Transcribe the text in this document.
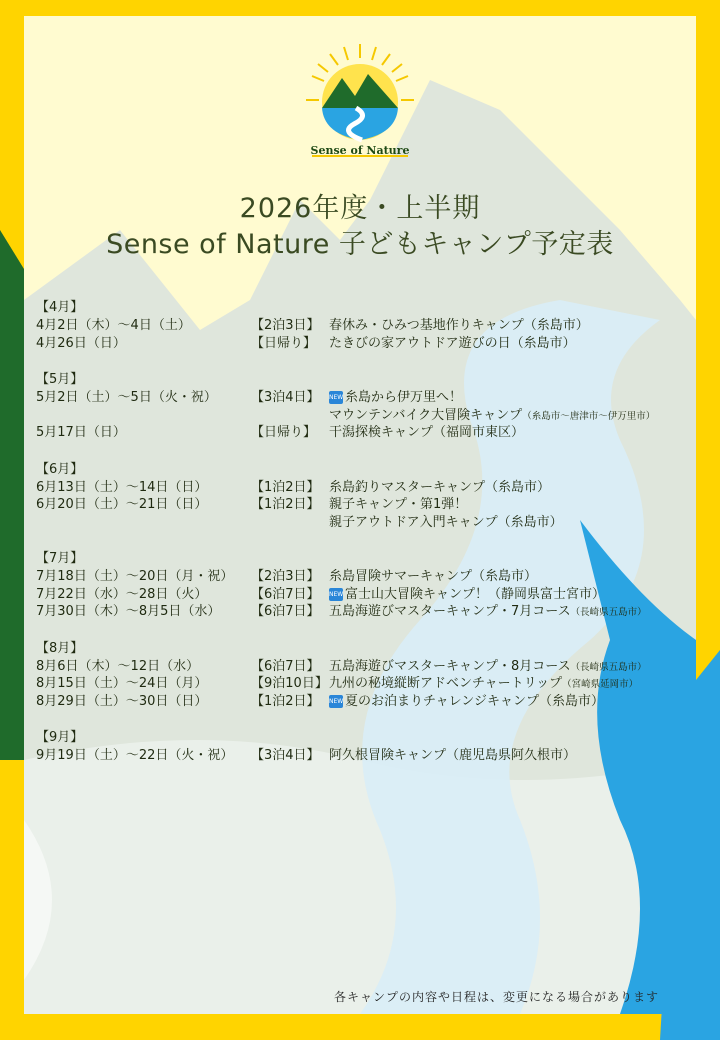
Sense of Nature
2026年度・上半期
Sense of Nature 子どもキャンプ予定表
【4月】
4月2日（木）～4日（土）	【2泊3日】 春休み・ひみつ基地作りキャンプ（糸島市）
4月26日（日）	【日帰り】 たきびの家アウトドア遊びの日（糸島市）
【5月】
5月2日（土）～5日（火・祝）	【3泊4日】 NEW 糸島から伊万里へ！
マウンテンバイク大冒険キャンプ（糸島市～唐津市～伊万里市）
5月17日（日）	【日帰り】 干潟探検キャンプ（福岡市東区）
【6月】
6月13日（土）～14日（日）	【1泊2日】 糸島釣りマスターキャンプ（糸島市）
6月20日（土）～21日（日）	【1泊2日】 親子キャンプ・第1弾！
親子アウトドア入門キャンプ（糸島市）
【7月】
7月18日（土）～20日（月・祝） 【2泊3日】 糸島冒険サマーキャンプ（糸島市）
7月22日（水）～28日（火）	【6泊7日】 NEW 富士山大冒険キャンプ！（静岡県富士宮市）
7月30日（木）～8月5日（水） 【6泊7日】 五島海遊びマスターキャンプ・7月コース（長崎県五島市）
【8月】
8月6日（木）～12日（水）	【6泊7日】 五島海遊びマスターキャンプ・8月コース（長崎県五島市）
8月15日（土）～24日（月）	【9泊10日】 九州の秘境縦断アドベンチャートリップ（宮崎県延岡市）
8月29日（土）～30日（日）	【1泊2日】 NEW 夏のお泊まりチャレンジキャンプ（糸島市）
【9月】
9月19日（土）～22日（火・祝） 【3泊4日】 阿久根冒険キャンプ（鹿児島県阿久根市）
各キャンプの内容や日程は、変更になる場合があります
